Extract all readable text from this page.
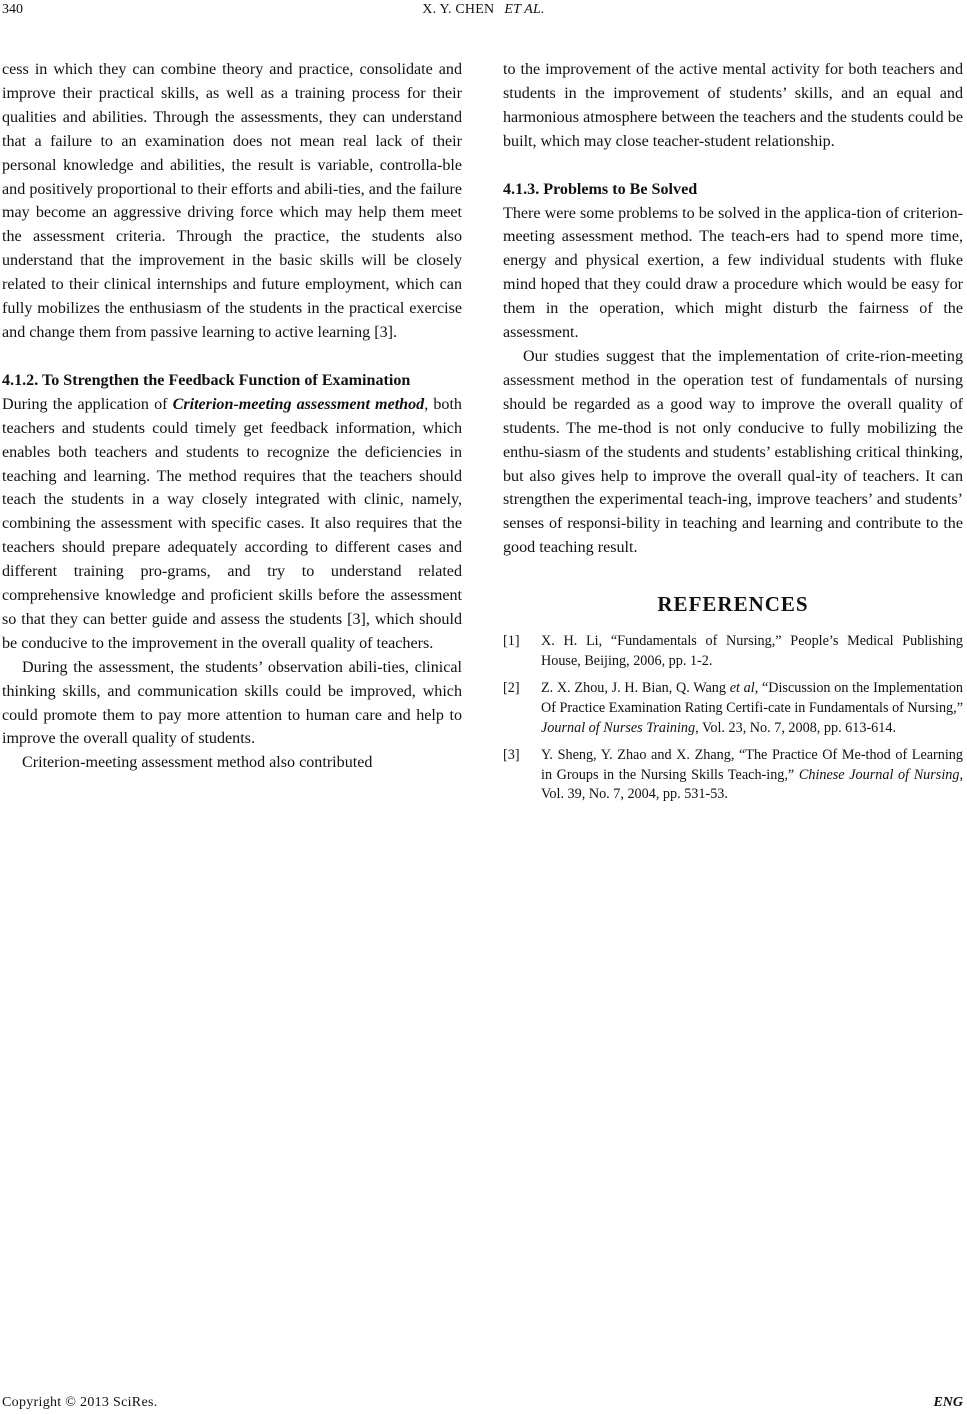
340	X. Y. CHEN ET AL.

cess in which they can combine theory and practice, consolidate and improve their practical skills, as well as a training process for their qualities and abilities. Through the assessments, they can understand that a failure to an examination does not mean real lack of their personal knowledge and abilities, the result is variable, controlla-ble and positively proportional to their efforts and abili-ties, and the failure may become an aggressive driving force which may help them meet the assessment criteria. Through the practice, the students also understand that the improvement in the basic skills will be closely related to their clinical internships and future employment, which can fully mobilizes the enthusiasm of the students in the practical exercise and change them from passive learning to active learning [3].

4.1.2. To Strengthen the Feedback Function of Examination

During the application of Criterion-meeting assessment method, both teachers and students could timely get feedback information, which enables both teachers and students to recognize the deficiencies in teaching and learning. The method requires that the teachers should teach the students in a way closely integrated with clinic, namely, combining the assessment with specific cases. It also requires that the teachers should prepare adequately according to different cases and different training pro-grams, and try to understand related comprehensive knowledge and proficient skills before the assessment so that they can better guide and assess the students [3], which should be conducive to the improvement in the overall quality of teachers.

During the assessment, the students’ observation abili-ties, clinical thinking skills, and communication skills could be improved, which could promote them to pay more attention to human care and help to improve the overall quality of students.

Criterion-meeting assessment method also contributed

to the improvement of the active mental activity for both teachers and students in the improvement of students’ skills, and an equal and harmonious atmosphere between the teachers and the students could be built, which may close teacher-student relationship.

4.1.3. Problems to Be Solved

There were some problems to be solved in the applica-tion of criterion-meeting assessment method. The teach-ers had to spend more time, energy and physical exertion, a few individual students with fluke mind hoped that they could draw a procedure which would be easy for them in the operation, which might disturb the fairness of the assessment.

Our studies suggest that the implementation of crite-rion-meeting assessment method in the operation test of fundamentals of nursing should be regarded as a good way to improve the overall quality of students. The me-thod is not only conducive to fully mobilizing the enthu-siasm of the students and students’ establishing critical thinking, but also gives help to improve the overall qual-ity of teachers. It can strengthen the experimental teach-ing, improve teachers’ and students’ senses of responsi-bility in teaching and learning and contribute to the good teaching result.

REFERENCES
[1] X. H. Li, “Fundamentals of Nursing,” People’s Medical Publishing House, Beijing, 2006, pp. 1-2.
[2] Z. X. Zhou, J. H. Bian, Q. Wang et al, “Discussion on the Implementation Of Practice Examination Rating Certifi-cate in Fundamentals of Nursing,” Journal of Nurses Training, Vol. 23, No. 7, 2008, pp. 613-614.
[3] Y. Sheng, Y. Zhao and X. Zhang, “The Practice Of Me-thod of Learning in Groups in the Nursing Skills Teach-ing,” Chinese Journal of Nursing, Vol. 39, No. 7, 2004, pp. 531-53.
Copyright © 2013 SciRes.	ENG
